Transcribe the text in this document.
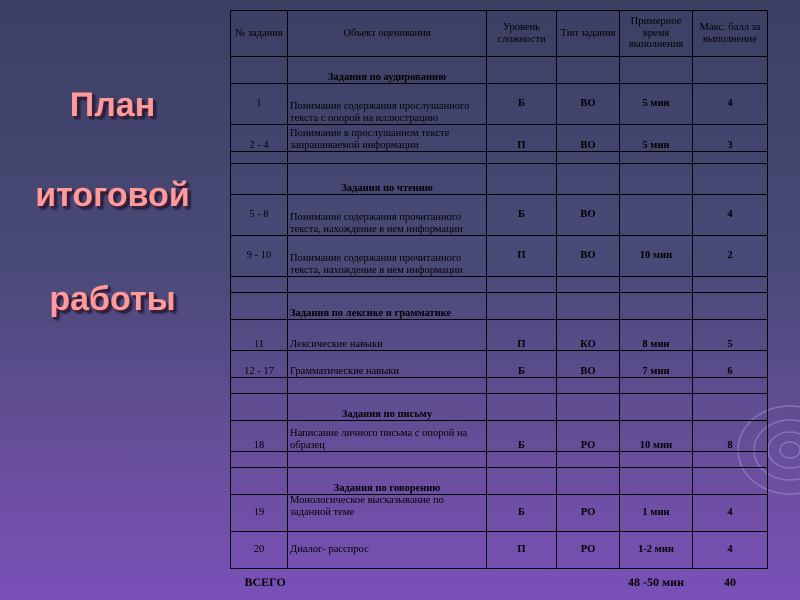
План
итоговой
работы
№ задания	Объект оценивания	Уровень сложности	Тип задания	Примерное время выполнения	Макс. балл за выполнение
	Задания по аудированию				
1	Понимание содержания прослушанного текста с опорой на иллюстрацию	Б	ВО	5 мин	4
2 - 4	Понимание в прослушанном тексте запрашиваемой информации	П	ВО	5 мин	3

	Задания по чтению				
5 - 8	Понимание содержания прочитанного текста, нахождение в нем информации	Б	ВО		4
9 - 10	Понимание содержания прочитанного текста, нахождение в нем информации	П	ВО	10 мин	2

	Задания по лексике и грамматике				
11	Лексические навыки	П	КО	8 мин	5
12 - 17	Грамматические навыки	Б	ВО	7 мин	6

	Задания по письму				
18	Написание личного письма с опорой на образец	Б	РО	10 мин	8

	Задания по говорению				
19	Монологическое высказывание по заданной теме	Б	РО	1 мин	4
20	Диалог- расспрос	П	РО	1-2 мин	4
ВСЕГО				48 -50 мин	40
